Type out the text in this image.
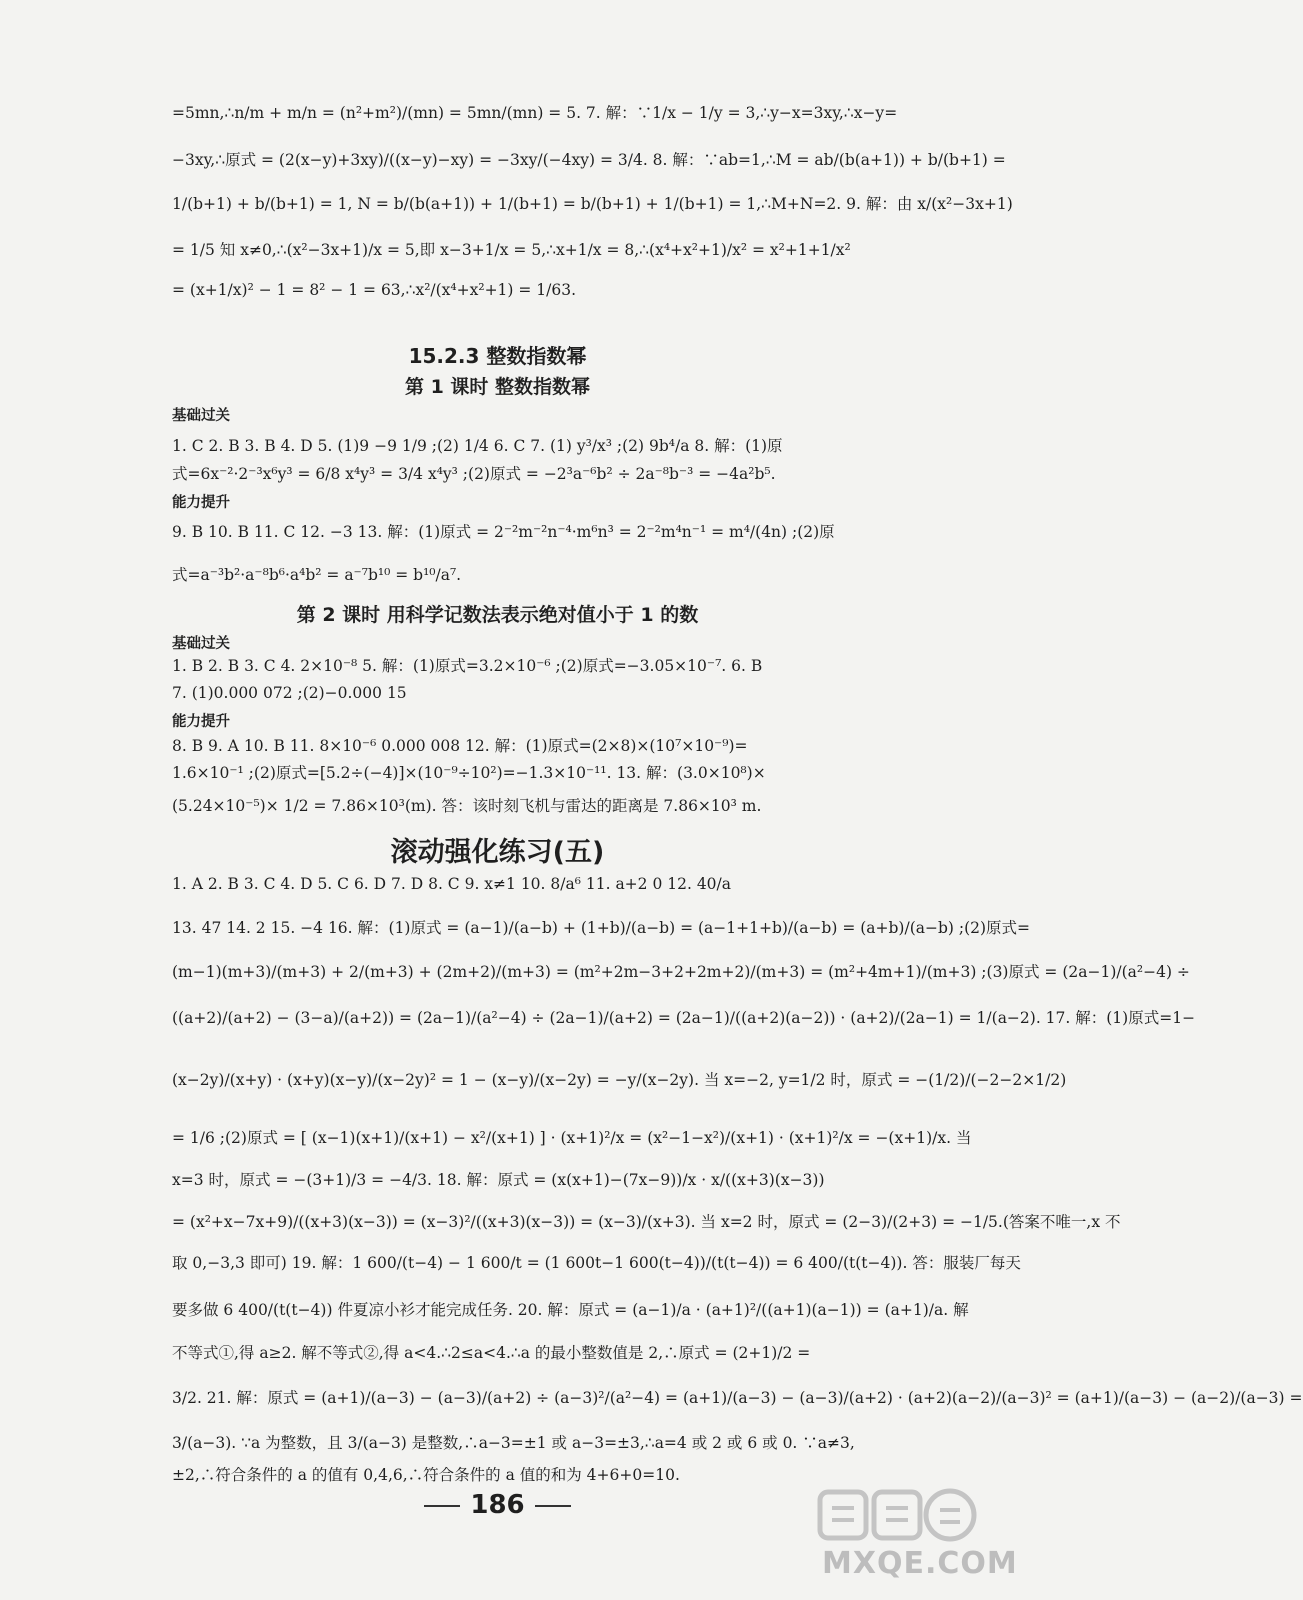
=5mn,∴n/m + m/n = (n²+m²)/(mn) = 5mn/(mn) = 5. 7. 解：∵1/x − 1/y = 3,∴y−x=3xy,∴x−y=
−3xy,∴原式 = (2(x−y)+3xy)/((x−y)−xy) = −3xy/(−4xy) = 3/4. 8. 解：∵ab=1,∴M = ab/(b(a+1)) + b/(b+1) =
1/(b+1) + b/(b+1) = 1, N = b/(b(a+1)) + 1/(b+1) = b/(b+1) + 1/(b+1) = 1,∴M+N=2. 9. 解：由 x/(x²−3x+1)
= 1/5 知 x≠0,∴(x²−3x+1)/x = 5,即 x−3+1/x = 5,∴x+1/x = 8,∴(x⁴+x²+1)/x² = x²+1+1/x²
= (x+1/x)² − 1 = 8² − 1 = 63,∴x²/(x⁴+x²+1) = 1/63.
15.2.3 整数指数幂
第 1 课时 整数指数幂
基础过关
1. C 2. B 3. B 4. D 5. (1)9 −9 1/9 ;(2) 1/4 6. C 7. (1) y³/x³ ;(2) 9b⁴/a 8. 解：(1)原
式=6x⁻²·2⁻³x⁶y³ = 6/8 x⁴y³ = 3/4 x⁴y³ ;(2)原式 = −2³a⁻⁶b² ÷ 2a⁻⁸b⁻³ = −4a²b⁵.
能力提升
9. B 10. B 11. C 12. −3 13. 解：(1)原式 = 2⁻²m⁻²n⁻⁴·m⁶n³ = 2⁻²m⁴n⁻¹ = m⁴/(4n) ;(2)原
式=a⁻³b²·a⁻⁸b⁶·a⁴b² = a⁻⁷b¹⁰ = b¹⁰/a⁷.
第 2 课时 用科学记数法表示绝对值小于 1 的数
基础过关
1. B 2. B 3. C 4. 2×10⁻⁸ 5. 解：(1)原式=3.2×10⁻⁶ ;(2)原式=−3.05×10⁻⁷. 6. B
7. (1)0.000 072 ;(2)−0.000 15
能力提升
8. B 9. A 10. B 11. 8×10⁻⁶ 0.000 008 12. 解：(1)原式=(2×8)×(10⁷×10⁻⁹)=
1.6×10⁻¹ ;(2)原式=[5.2÷(−4)]×(10⁻⁹÷10²)=−1.3×10⁻¹¹. 13. 解：(3.0×10⁸)×
(5.24×10⁻⁵)× 1/2 = 7.86×10³(m). 答：该时刻飞机与雷达的距离是 7.86×10³ m.
滚动强化练习(五)
1. A 2. B 3. C 4. D 5. C 6. D 7. D 8. C 9. x≠1 10. 8/a⁶ 11. a+2 0 12. 40/a
13. 47 14. 2 15. −4 16. 解：(1)原式 = (a−1)/(a−b) + (1+b)/(a−b) = (a−1+1+b)/(a−b) = (a+b)/(a−b) ;(2)原式=
(m−1)(m+3)/(m+3) + 2/(m+3) + (2m+2)/(m+3) = (m²+2m−3+2+2m+2)/(m+3) = (m²+4m+1)/(m+3) ;(3)原式 = (2a−1)/(a²−4) ÷
((a+2)/(a+2) − (3−a)/(a+2)) = (2a−1)/(a²−4) ÷ (2a−1)/(a+2) = (2a−1)/((a+2)(a−2)) · (a+2)/(2a−1) = 1/(a−2). 17. 解：(1)原式=1−
(x−2y)/(x+y) · (x+y)(x−y)/(x−2y)² = 1 − (x−y)/(x−2y) = −y/(x−2y). 当 x=−2, y=1/2 时，原式 = −(1/2)/(−2−2×1/2)
= 1/6 ;(2)原式 = [ (x−1)(x+1)/(x+1) − x²/(x+1) ] · (x+1)²/x = (x²−1−x²)/(x+1) · (x+1)²/x = −(x+1)/x. 当
x=3 时，原式 = −(3+1)/3 = −4/3. 18. 解：原式 = (x(x+1)−(7x−9))/x · x/((x+3)(x−3))
= (x²+x−7x+9)/((x+3)(x−3)) = (x−3)²/((x+3)(x−3)) = (x−3)/(x+3). 当 x=2 时，原式 = (2−3)/(2+3) = −1/5.(答案不唯一,x 不
取 0,−3,3 即可) 19. 解：1 600/(t−4) − 1 600/t = (1 600t−1 600(t−4))/(t(t−4)) = 6 400/(t(t−4)). 答：服装厂每天
要多做 6 400/(t(t−4)) 件夏凉小衫才能完成任务. 20. 解：原式 = (a−1)/a · (a+1)²/((a+1)(a−1)) = (a+1)/a. 解
不等式①,得 a≥2. 解不等式②,得 a<4.∴2≤a<4.∴a 的最小整数值是 2,∴原式 = (2+1)/2 =
3/2. 21. 解：原式 = (a+1)/(a−3) − (a−3)/(a+2) ÷ (a−3)²/(a²−4) = (a+1)/(a−3) − (a−3)/(a+2) · (a+2)(a−2)/(a−3)² = (a+1)/(a−3) − (a−2)/(a−3) =
3/(a−3). ∵a 为整数，且 3/(a−3) 是整数,∴a−3=±1 或 a−3=±3,∴a=4 或 2 或 6 或 0. ∵a≠3,
±2,∴符合条件的 a 的值有 0,4,6,∴符合条件的 a 值的和为 4+6+0=10.
186
MXQE.COM
